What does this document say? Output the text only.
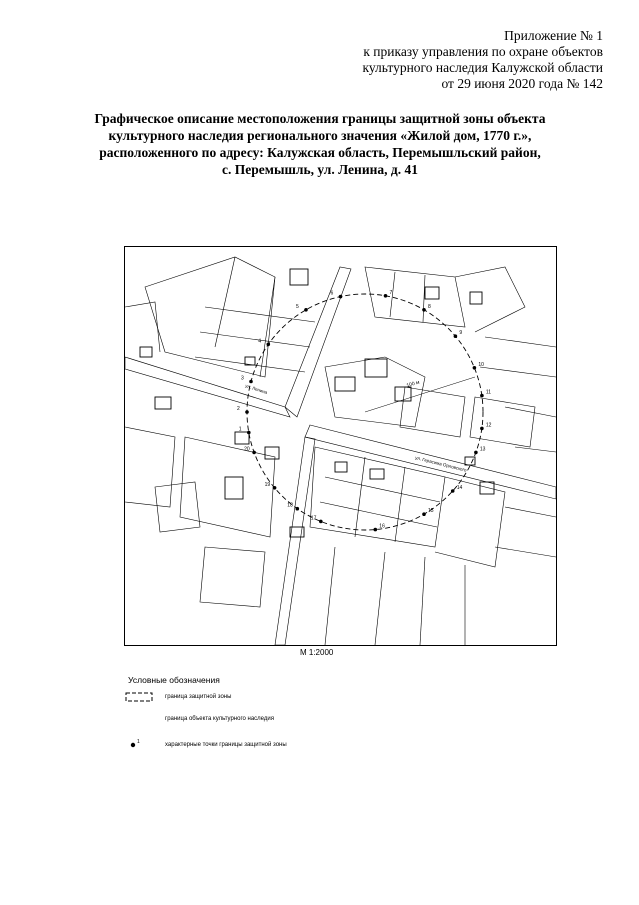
Приложение № 1
к приказу управления по охране объектов
культурного наследия Калужской области
от 29 июня 2020 года № 142
Графическое описание местоположения границы защитной зоны объекта
культурного наследия регионального значения «Жилой дом, 1770 г.»,
расположенного по адресу: Калужская область, Перемышльский район,
с. Перемышль, ул. Ленина, д. 41
100 м
ул. Ленина
ул. Герасима Орловского
1
2
3
4
5
6	7
8
9
10
11
12
13
14
15
16
17
18
19
20
М 1:2000
Условные обозначения
граница защитной зоны
граница объекта культурного наследия
1	характерные точки границы защитной зоны
